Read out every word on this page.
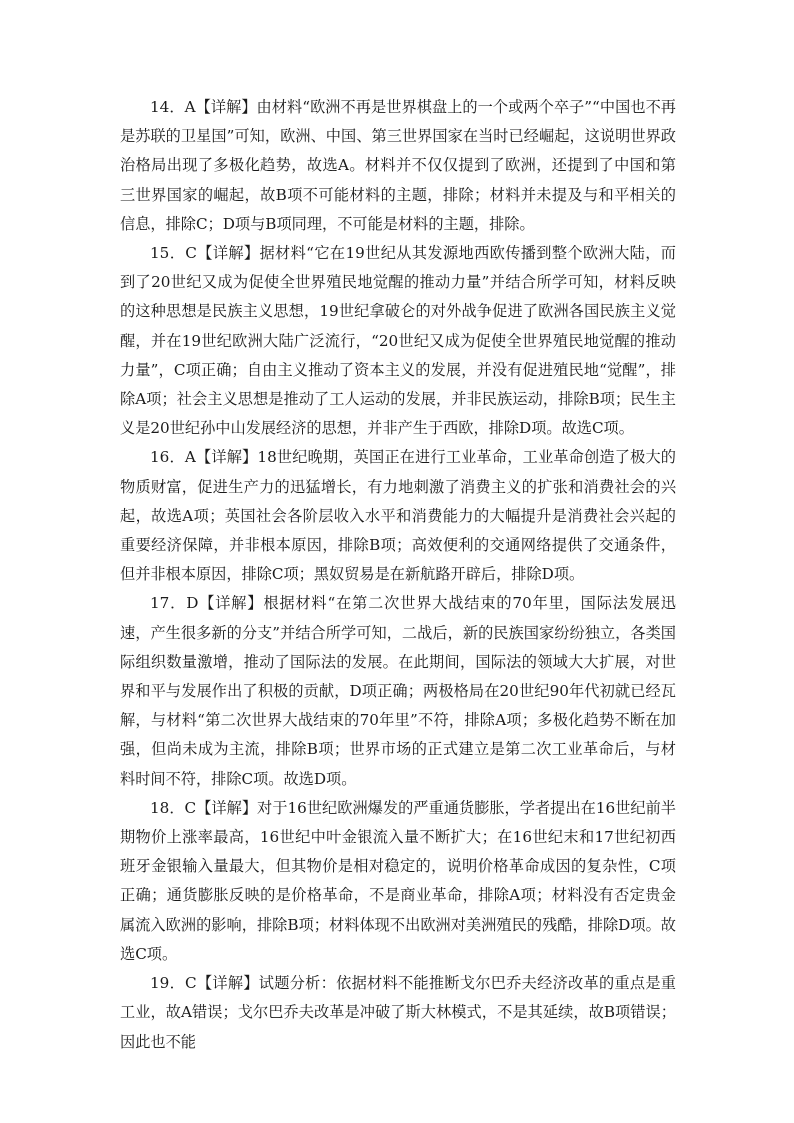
14．A【详解】由材料“欧洲不再是世界棋盘上的一个或两个卒子”“中国也不再是苏联的卫星国”可知，欧洲、中国、第三世界国家在当时已经崛起，这说明世界政治格局出现了多极化趋势，故选A。材料并不仅仅提到了欧洲，还提到了中国和第三世界国家的崛起，故B项不可能材料的主题，排除；材料并未提及与和平相关的信息，排除C；D项与B项同理，不可能是材料的主题，排除。

15．C【详解】据材料“它在19世纪从其发源地西欧传播到整个欧洲大陆，而到了20世纪又成为促使全世界殖民地觉醒的推动力量”并结合所学可知，材料反映的这种思想是民族主义思想，19世纪拿破仑的对外战争促进了欧洲各国民族主义觉醒，并在19世纪欧洲大陆广泛流行，“20世纪又成为促使全世界殖民地觉醒的推动力量”，C项正确；自由主义推动了资本主义的发展，并没有促进殖民地“觉醒”，排除A项；社会主义思想是推动了工人运动的发展，并非民族运动，排除B项；民生主义是20世纪孙中山发展经济的思想，并非产生于西欧，排除D项。故选C项。

16．A【详解】18世纪晚期，英国正在进行工业革命，工业革命创造了极大的物质财富，促进生产力的迅猛增长，有力地刺激了消费主义的扩张和消费社会的兴起，故选A项；英国社会各阶层收入水平和消费能力的大幅提升是消费社会兴起的重要经济保障，并非根本原因，排除B项；高效便利的交通网络提供了交通条件，但并非根本原因，排除C项；黑奴贸易是在新航路开辟后，排除D项。

17．D【详解】根据材料“在第二次世界大战结束的70年里，国际法发展迅速，产生很多新的分支”并结合所学可知，二战后，新的民族国家纷纷独立，各类国际组织数量激增，推动了国际法的发展。在此期间，国际法的领域大大扩展，对世界和平与发展作出了积极的贡献，D项正确；两极格局在20世纪90年代初就已经瓦解，与材料“第二次世界大战结束的70年里”不符，排除A项；多极化趋势不断在加强，但尚未成为主流，排除B项；世界市场的正式建立是第二次工业革命后，与材料时间不符，排除C项。故选D项。

18．C【详解】对于16世纪欧洲爆发的严重通货膨胀，学者提出在16世纪前半期物价上涨率最高，16世纪中叶金银流入量不断扩大；在16世纪末和17世纪初西班牙金银输入量最大，但其物价是相对稳定的，说明价格革命成因的复杂性，C项正确；通货膨胀反映的是价格革命，不是商业革命，排除A项；材料没有否定贵金属流入欧洲的影响，排除B项；材料体现不出欧洲对美洲殖民的残酷，排除D项。故选C项。

19．C【详解】试题分析：依据材料不能推断戈尔巴乔夫经济改革的重点是重工业，故A错误；戈尔巴乔夫改革是冲破了斯大林模式，不是其延续，故B项错误；因此也不能
